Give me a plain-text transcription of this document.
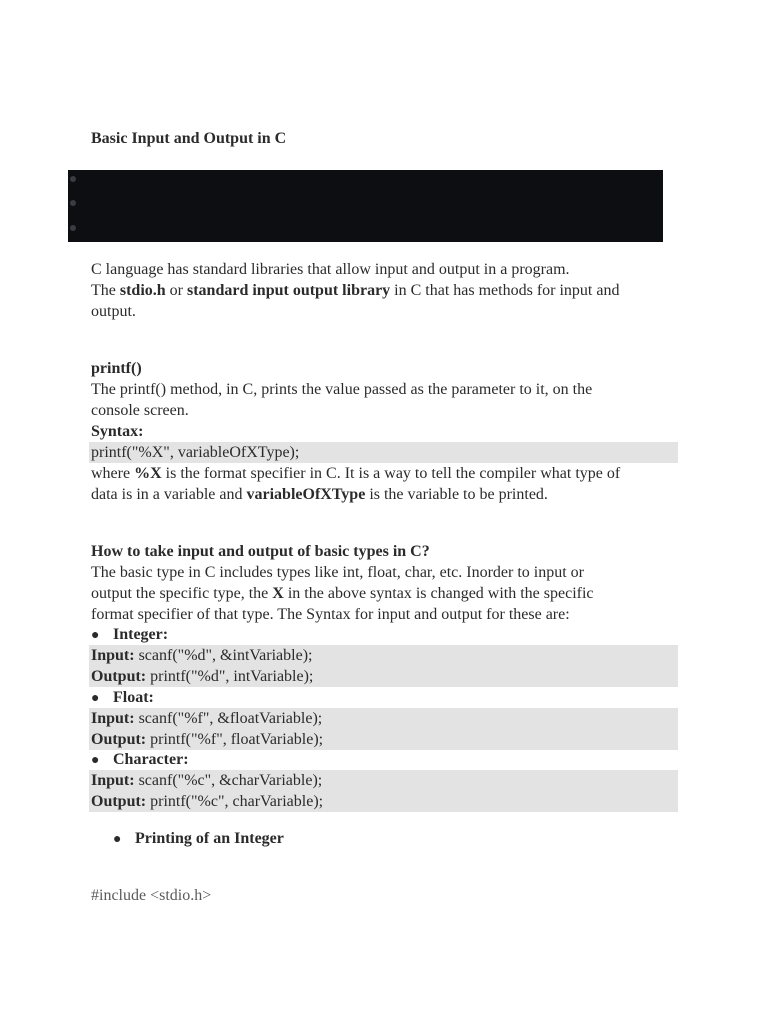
Basic Input and Output in C
C language has standard libraries that allow input and output in a program.
The stdio.h or standard input output library in C that has methods for input and
output.
printf()
The printf() method, in C, prints the value passed as the parameter to it, on the
console screen.
Syntax:
printf("%X", variableOfXType);
where %X is the format specifier in C. It is a way to tell the compiler what type of
data is in a variable and variableOfXType is the variable to be printed.
How to take input and output of basic types in C?
The basic type in C includes types like int, float, char, etc. Inorder to input or
output the specific type, the X in the above syntax is changed with the specific
format specifier of that type. The Syntax for input and output for these are:
● Integer:
Input: scanf("%d", &intVariable);
Output: printf("%d", intVariable);
● Float:
Input: scanf("%f", &floatVariable);
Output: printf("%f", floatVariable);
● Character:
Input: scanf("%c", &charVariable);
Output: printf("%c", charVariable);
● Printing of an Integer
#include <stdio.h>
